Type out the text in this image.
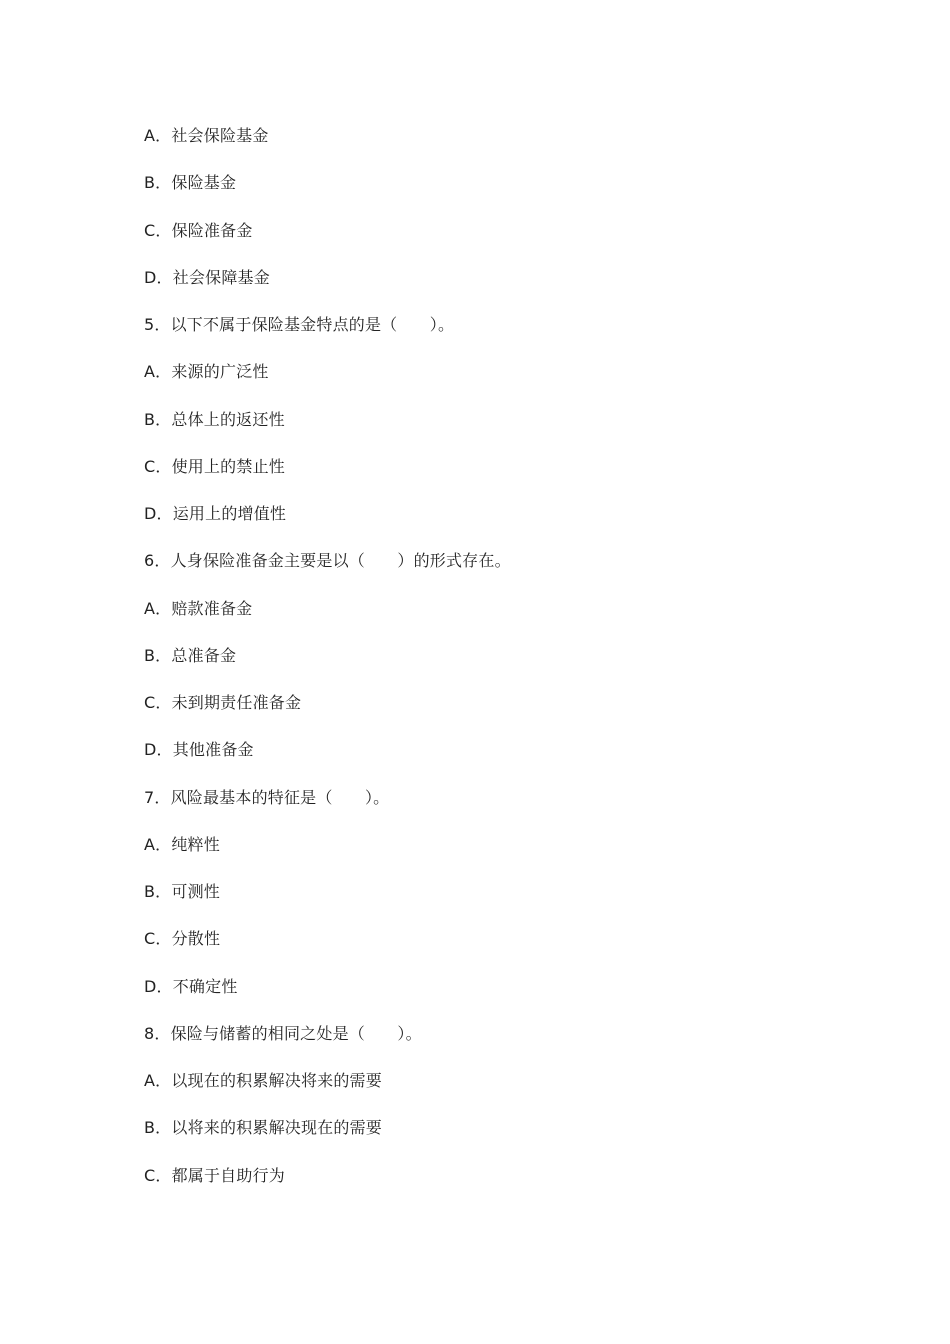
A．社会保险基金
B．保险基金
C．保险准备金
D．社会保障基金
5．以下不属于保险基金特点的是（　　）。
A．来源的广泛性
B．总体上的返还性
C．使用上的禁止性
D．运用上的增值性
6．人身保险准备金主要是以（　　）的形式存在。
A．赔款准备金
B．总准备金
C．未到期责任准备金
D．其他准备金
7．风险最基本的特征是（　　）。
A．纯粹性
B．可测性
C．分散性
D．不确定性
8．保险与储蓄的相同之处是（　　）。
A．以现在的积累解决将来的需要
B．以将来的积累解决现在的需要
C．都属于自助行为
